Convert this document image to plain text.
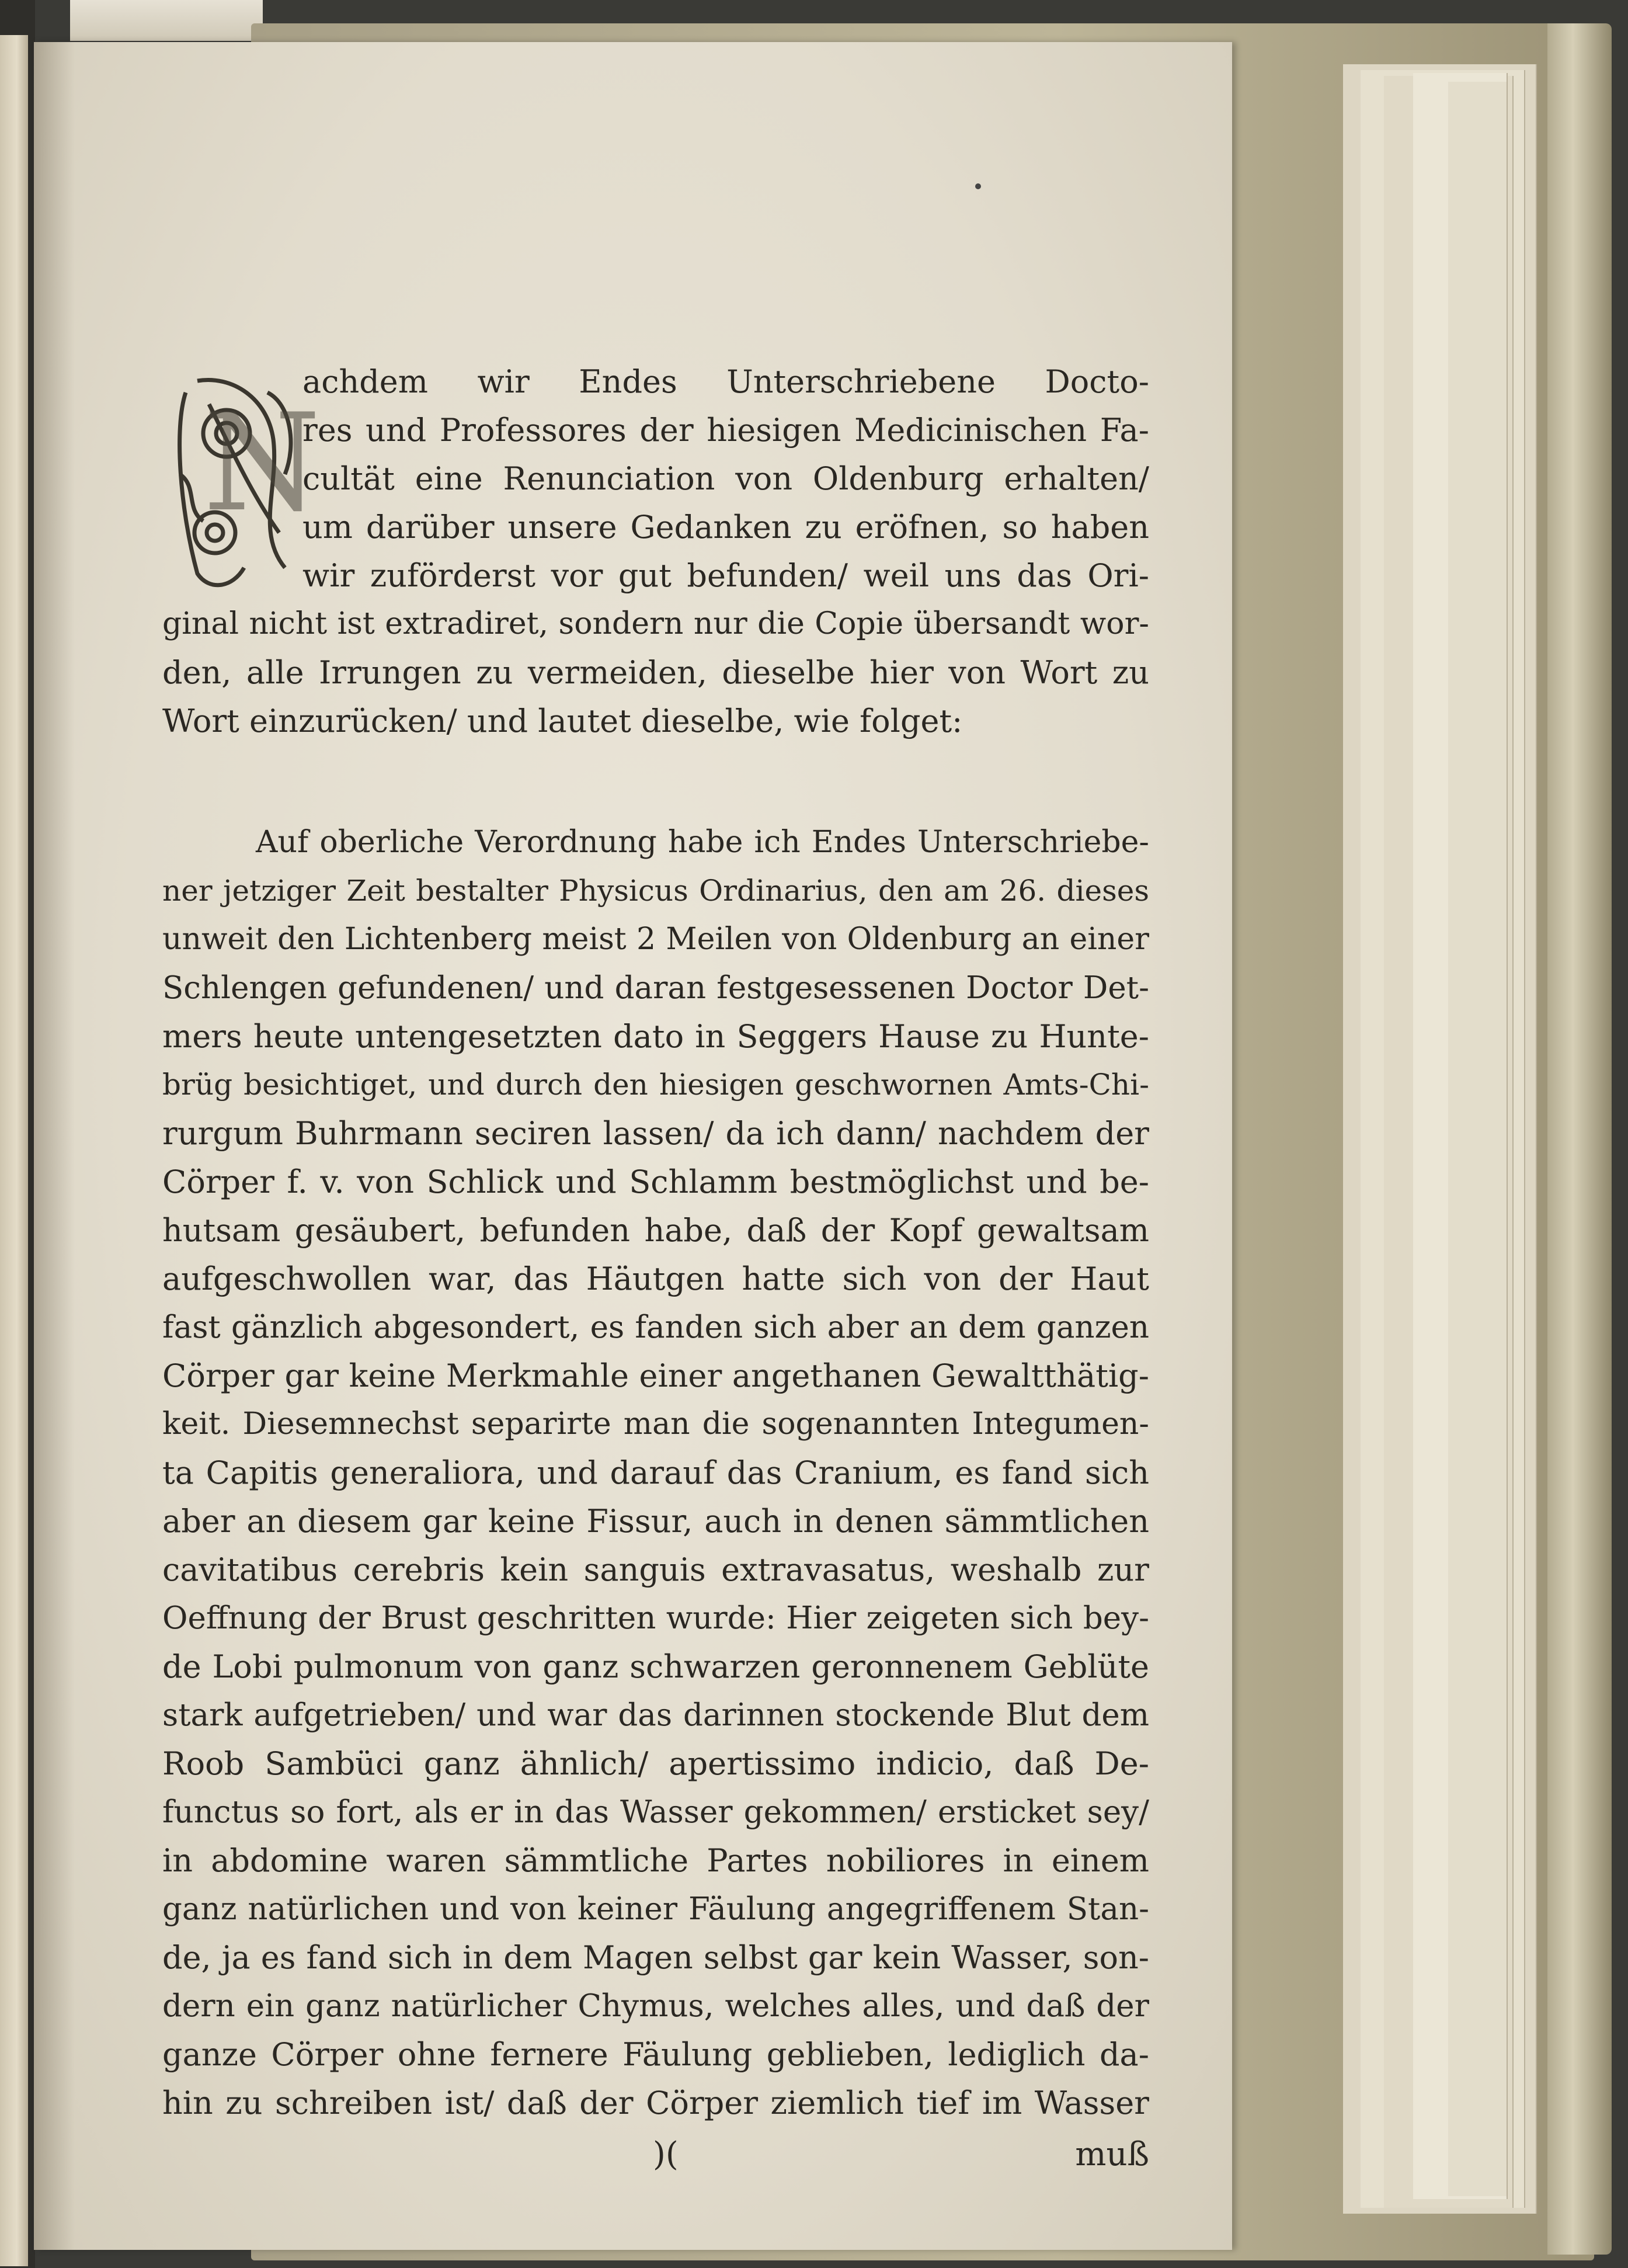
N
achdem wir Endes Unterschriebene Docto-
res und Professores der hiesigen Medicinischen Fa-
cultät eine Renunciation von Oldenburg erhalten/
um darüber unsere Gedanken zu eröfnen, so haben
wir zuförderst vor gut befunden/ weil uns das Ori-
ginal nicht ist extradiret, sondern nur die Copie übersandt wor-
den, alle Irrungen zu vermeiden, dieselbe hier von Wort zu
Wort einzurücken/ und lautet dieselbe, wie folget:
Auf oberliche Verordnung habe ich Endes Unterschriebe-
ner jetziger Zeit bestalter Physicus Ordinarius, den am 26. dieses
unweit den Lichtenberg meist 2 Meilen von Oldenburg an einer
Schlengen gefundenen/ und daran festgesessenen Doctor Det-
mers heute untengesetzten dato in Seggers Hause zu Hunte-
brüg besichtiget, und durch den hiesigen geschwornen Amts-Chi-
rurgum Buhrmann seciren lassen/ da ich dann/ nachdem der
Cörper f. v. von Schlick und Schlamm bestmöglichst und be-
hutsam gesäubert, befunden habe, daß der Kopf gewaltsam
aufgeschwollen war, das Häutgen hatte sich von der Haut
fast gänzlich abgesondert, es fanden sich aber an dem ganzen
Cörper gar keine Merkmahle einer angethanen Gewaltthätig-
keit. Diesemnechst separirte man die sogenannten Integumen-
ta Capitis generaliora, und darauf das Cranium, es fand sich
aber an diesem gar keine Fissur, auch in denen sämmtlichen
cavitatibus cerebris kein sanguis extravasatus, weshalb zur
Oeffnung der Brust geschritten wurde: Hier zeigeten sich bey-
de Lobi pulmonum von ganz schwarzen geronnenem Geblüte
stark aufgetrieben/ und war das darinnen stockende Blut dem
Roob Sambüci ganz ähnlich/ apertissimo indicio, daß De-
functus so fort, als er in das Wasser gekommen/ ersticket sey/
in abdomine waren sämmtliche Partes nobiliores in einem
ganz natürlichen und von keiner Fäulung angegriffenem Stan-
de, ja es fand sich in dem Magen selbst gar kein Wasser, son-
dern ein ganz natürlicher Chymus, welches alles, und daß der
ganze Cörper ohne fernere Fäulung geblieben, lediglich da-
hin zu schreiben ist/ daß der Cörper ziemlich tief im Wasser
)(	muß
